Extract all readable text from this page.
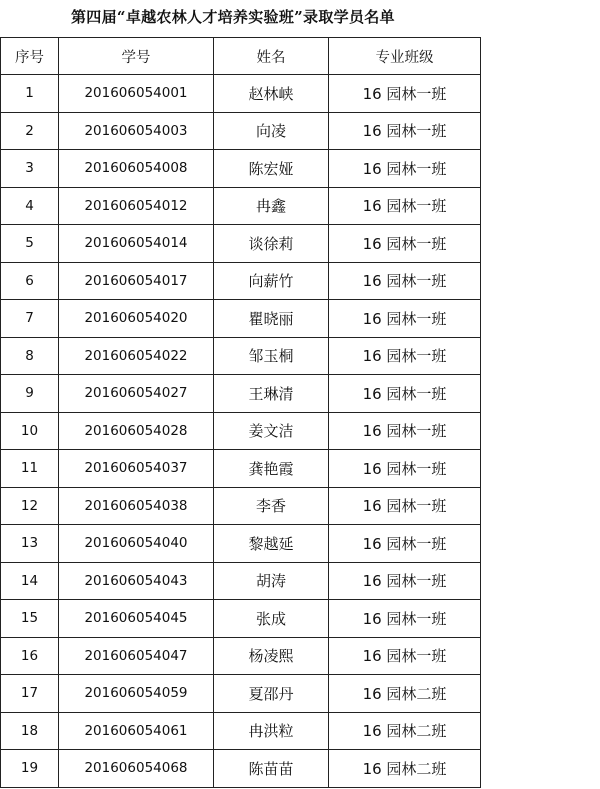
第四届“卓越农林人才培养实验班”录取学员名单
序号	学号	姓名	专业班级
1	201606054001	赵林峡	16 园林一班
2	201606054003	向凌	16 园林一班
3	201606054008	陈宏娅	16 园林一班
4	201606054012	冉鑫	16 园林一班
5	201606054014	谈徐莉	16 园林一班
6	201606054017	向薪竹	16 园林一班
7	201606054020	瞿晓丽	16 园林一班
8	201606054022	邹玉桐	16 园林一班
9	201606054027	王琳清	16 园林一班
10	201606054028	姜文洁	16 园林一班
11	201606054037	龚艳霞	16 园林一班
12	201606054038	李香	16 园林一班
13	201606054040	黎越延	16 园林一班
14	201606054043	胡涛	16 园林一班
15	201606054045	张成	16 园林一班
16	201606054047	杨凌熙	16 园林一班
17	201606054059	夏邵丹	16 园林二班
18	201606054061	冉洪粒	16 园林二班
19	201606054068	陈苗苗	16 园林二班
